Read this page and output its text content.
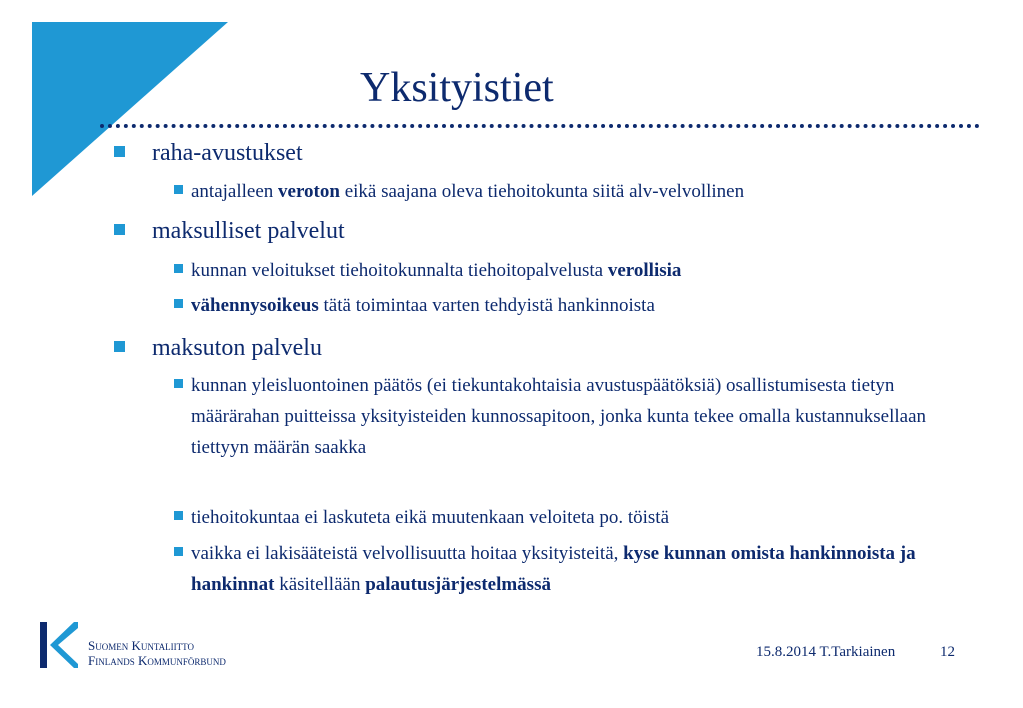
Yksityistiet
raha-avustukset
antajalleen veroton eikä saajana oleva tiehoitokunta siitä alv-velvollinen
maksulliset palvelut
kunnan veloitukset tiehoitokunnalta tiehoitopalvelusta verollisia
vähennysoikeus tätä toimintaa varten tehdyistä hankinnoista
maksuton palvelu
kunnan yleisluontoinen päätös (ei tiekuntakohtaisia avustuspäätöksiä) osallistumisesta tietyn määrärahan puitteissa yksityisteiden kunnossapitoon, jonka kunta tekee omalla kustannuksellaan tiettyyn määrän saakka
tiehoitokuntaa ei laskuteta eikä muutenkaan veloiteta po. töistä
vaikka ei lakisääteistä velvollisuutta hoitaa yksityisteitä, kyse kunnan omista hankinnoista ja hankinnat käsitellään palautusjärjestelmässä
Suomen Kuntaliitto
Finlands Kommunförbund
15.8.2014 T.Tarkiainen	12
